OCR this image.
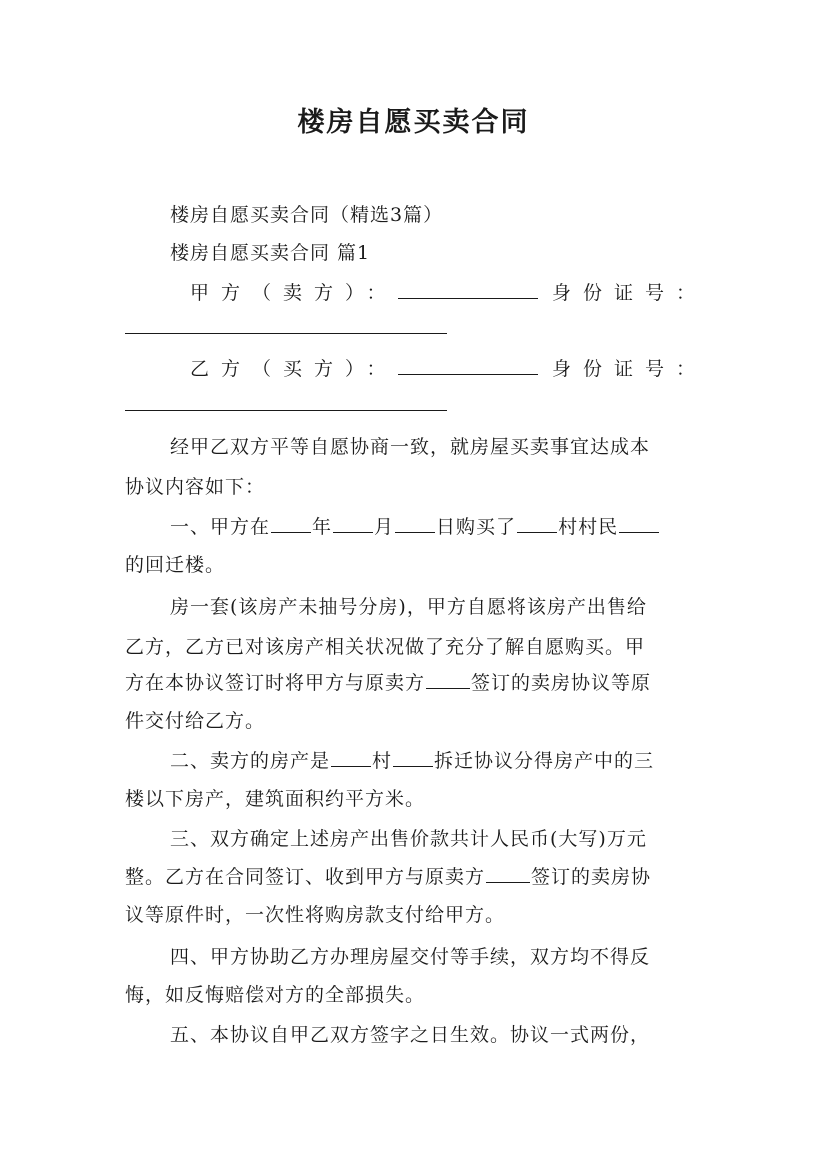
楼房自愿买卖合同
楼房自愿买卖合同（精选3篇）
楼房自愿买卖合同 篇1
甲方（卖方）：	身份证号：
乙方（买方）：	身份证号：
经甲乙双方平等自愿协商一致，就房屋买卖事宜达成本
协议内容如下：
一、甲方在 年 月 日购买了 村村民
的回迁楼。
房一套(该房产未抽号分房)，甲方自愿将该房产出售给
乙方，乙方已对该房产相关状况做了充分了解自愿购买。甲
方在本协议签订时将甲方与原卖方 签订的卖房协议等原
件交付给乙方。
二、卖方的房产是 村 拆迁协议分得房产中的三
楼以下房产，建筑面积约平方米。
三、双方确定上述房产出售价款共计人民币(大写)万元
整。乙方在合同签订、收到甲方与原卖方 签订的卖房协
议等原件时，一次性将购房款支付给甲方。
四、甲方协助乙方办理房屋交付等手续，双方均不得反
悔，如反悔赔偿对方的全部损失。
五、本协议自甲乙双方签字之日生效。协议一式两份，
